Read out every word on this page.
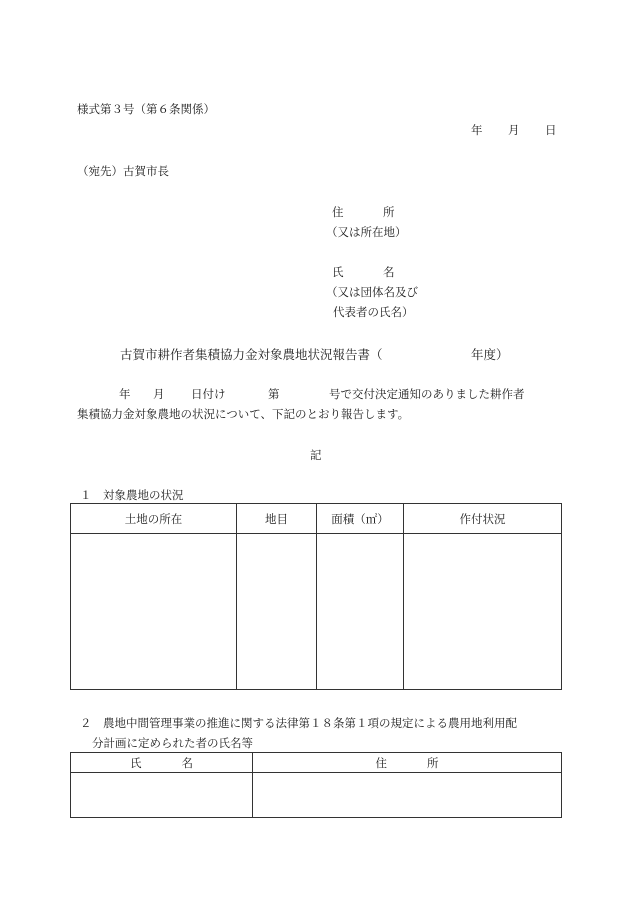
様式第３号（第６条関係）
年 月 日
（宛先）古賀市長
住	所
（又は所在地）
氏	名
（又は団体名及び
代表者の氏名）
古賀市耕作者集積協力金対象農地状況報告書（	年度）
年 月 日付け	第	号で交付決定通知のありました耕作者
集積協力金対象農地の状況について、下記のとおり報告します。
記
１　対象農地の状況
土地の所在	地目	面積（㎡）	作付状況

２　農地中間管理事業の推進に関する法律第１８条第１項の規定による農用地利用配
分計画に定められた者の氏名等
氏 名	住 所
